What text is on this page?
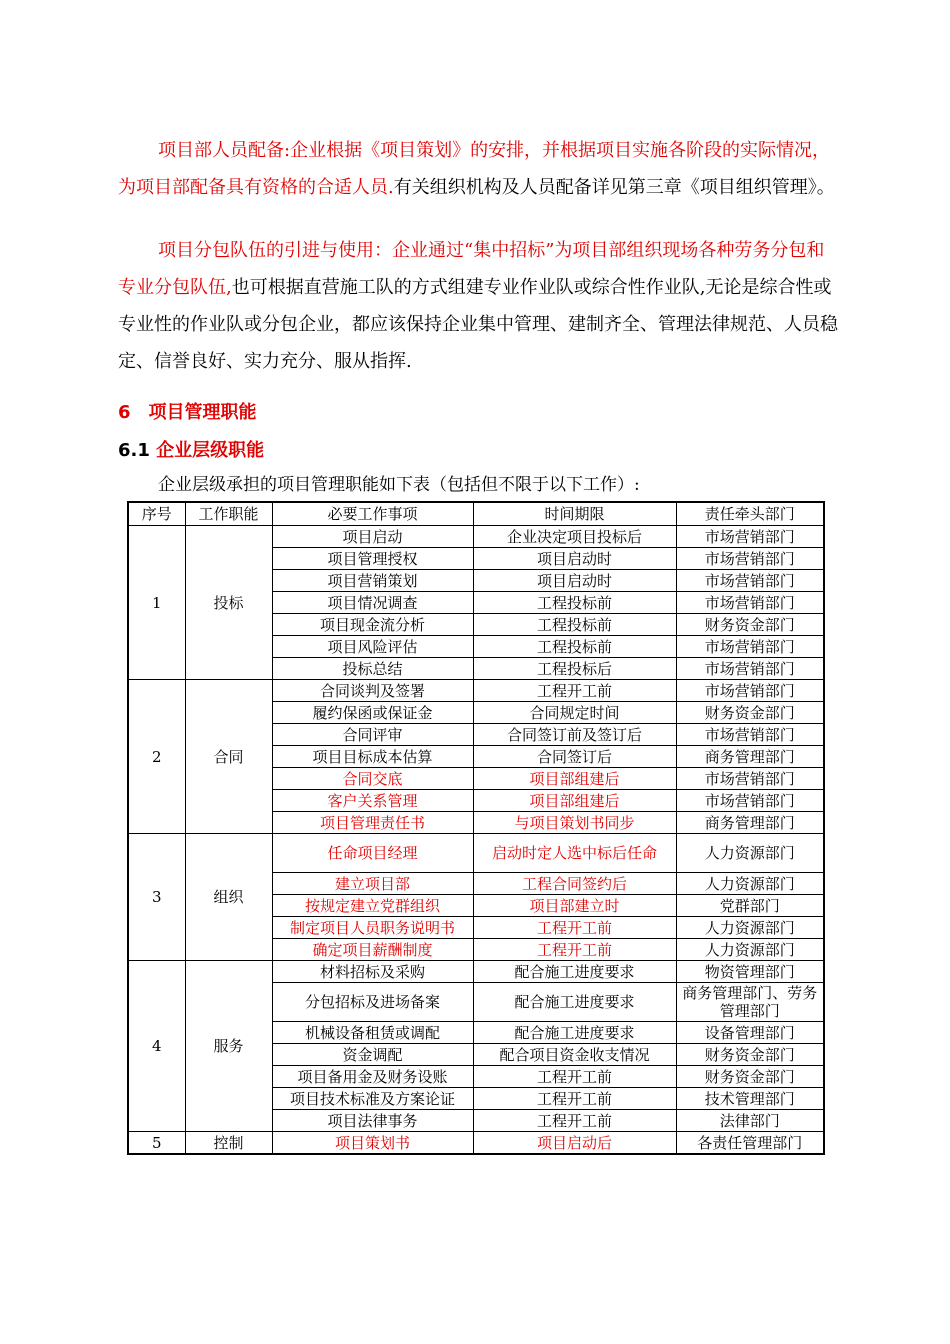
项目部人员配备:企业根据《项目策划》的安排，并根据项目实施各阶段的实际情况，为项目部配备具有资格的合适人员.有关组织机构及人员配备详见第三章《项目组织管理》。
项目分包队伍的引进与使用：企业通过“集中招标”为项目部组织现场各种劳务分包和专业分包队伍,也可根据直营施工队的方式组建专业作业队或综合性作业队,无论是综合性或专业性的作业队或分包企业，都应该保持企业集中管理、建制齐全、管理法律规范、人员稳定、信誉良好、实力充分、服从指挥.
6　项目管理职能
6.1 企业层级职能
企业层级承担的项目管理职能如下表（包括但不限于以下工作）:
序号	工作职能	必要工作事项	时间期限	责任牵头部门
1	投标	项目启动	企业决定项目投标后	市场营销部门
		项目管理授权	项目启动时	市场营销部门
		项目营销策划	项目启动时	市场营销部门
		项目情况调查	工程投标前	市场营销部门
		项目现金流分析	工程投标前	财务资金部门
		项目风险评估	工程投标前	市场营销部门
		投标总结	工程投标后	市场营销部门
2	合同	合同谈判及签署	工程开工前	市场营销部门
		履约保函或保证金	合同规定时间	财务资金部门
		合同评审	合同签订前及签订后	市场营销部门
		项目目标成本估算	合同签订后	商务管理部门
		合同交底	项目部组建后	市场营销部门
		客户关系管理	项目部组建后	市场营销部门
		项目管理责任书	与项目策划书同步	商务管理部门
3	组织	任命项目经理	启动时定人选中标后任命	人力资源部门
		建立项目部	工程合同签约后	人力资源部门
		按规定建立党群组织	项目部建立时	党群部门
		制定项目人员职务说明书	工程开工前	人力资源部门
		确定项目薪酬制度	工程开工前	人力资源部门
4	服务	材料招标及采购	配合施工进度要求	物资管理部门
		分包招标及进场备案	配合施工进度要求	商务管理部门、劳务管理部门
		机械设备租赁或调配	配合施工进度要求	设备管理部门
		资金调配	配合项目资金收支情况	财务资金部门
		项目备用金及财务设账	工程开工前	财务资金部门
		项目技术标准及方案论证	工程开工前	技术管理部门
		项目法律事务	工程开工前	法律部门
5	控制	项目策划书	项目启动后	各责任管理部门
